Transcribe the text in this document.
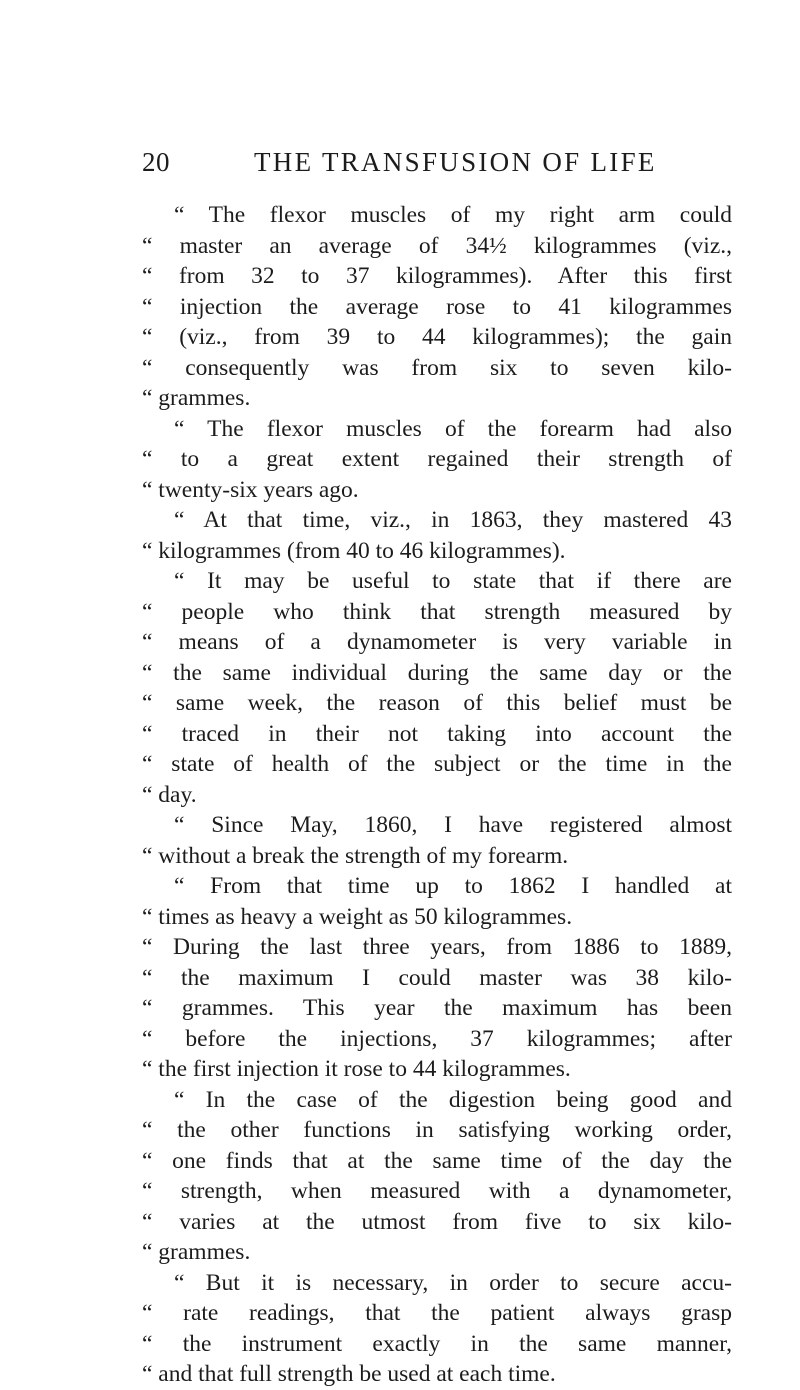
20	THE TRANSFUSION OF LIFE
“ The flexor muscles of my right arm could
“ master an average of 34½ kilogrammes (viz.,
“ from 32 to 37 kilogrammes). After this first
“ injection the average rose to 41 kilogrammes
“ (viz., from 39 to 44 kilogrammes); the gain
“ consequently was from six to seven kilo-
“ grammes.
“ The flexor muscles of the forearm had also
“ to a great extent regained their strength of
“ twenty-six years ago.
“ At that time, viz., in 1863, they mastered 43
“ kilogrammes (from 40 to 46 kilogrammes).
“ It may be useful to state that if there are
“ people who think that strength measured by
“ means of a dynamometer is very variable in
“ the same individual during the same day or the
“ same week, the reason of this belief must be
“ traced in their not taking into account the
“ state of health of the subject or the time in the
“ day.
“ Since May, 1860, I have registered almost
“ without a break the strength of my forearm.
“ From that time up to 1862 I handled at
“ times as heavy a weight as 50 kilogrammes.
“ During the last three years, from 1886 to 1889,
“ the maximum I could master was 38 kilo-
“ grammes. This year the maximum has been
“ before the injections, 37 kilogrammes; after
“ the first injection it rose to 44 kilogrammes.
“ In the case of the digestion being good and
“ the other functions in satisfying working order,
“ one finds that at the same time of the day the
“ strength, when measured with a dynamometer,
“ varies at the utmost from five to six kilo-
“ grammes.
“ But it is necessary, in order to secure accu-
“ rate readings, that the patient always grasp
“ the instrument exactly in the same manner,
“ and that full strength be used at each time.
